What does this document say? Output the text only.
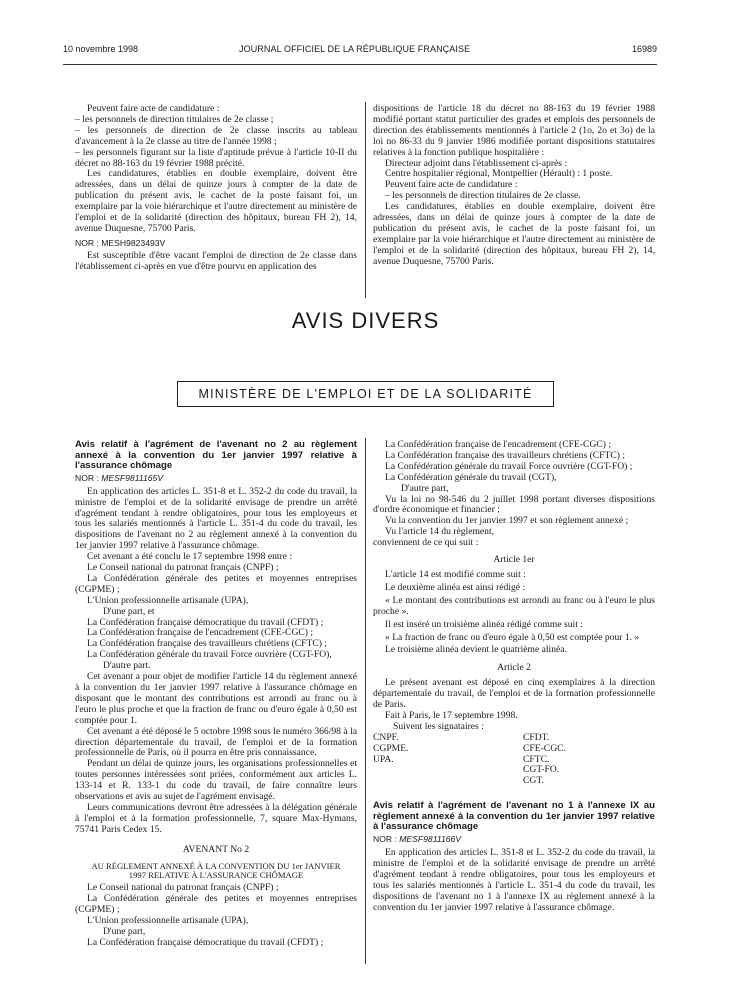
10 novembre 1998	JOURNAL OFFICIEL DE LA RÉPUBLIQUE FRANÇAISE	16989

Peuvent faire acte de candidature :

– les personnels de direction titulaires de 2e classe ;

– les personnels de direction de 2e classe inscrits au tableau d'avancement à la 2e classe au titre de l'année 1998 ;

– les personnels figurant sur la liste d'aptitude prévue à l'article 10-II du décret no 88-163 du 19 février 1988 précité.

Les candidatures, établies en double exemplaire, doivent être adressées, dans un délai de quinze jours à compter de la date de publication du présent avis, le cachet de la poste faisant foi, un exemplaire par la voie hiérarchique et l'autre directement au ministère de l'emploi et de la solidarité (direction des hôpitaux, bureau FH 2), 14, avenue Duquesne, 75700 Paris.

NOR : MESH9823493V

Est susceptible d'être vacant l'emploi de direction de 2e classe dans l'établissement ci-après en vue d'être pourvu en application des

dispositions de l'article 18 du décret no 88-163 du 19 février 1988 modifié portant statut particulier des grades et emplois des personnels de direction des établissements mentionnés à l'article 2 (1o, 2o et 3o) de la loi no 86-33 du 9 janvier 1986 modifiée portant dispositions statutaires relatives à la fonction publique hospitalière :

Directeur adjoint dans l'établissement ci-après :

Centre hospitalier régional, Montpellier (Hérault) : 1 poste.

Peuvent faire acte de candidature :

– les personnels de direction titulaires de 2e classe.

Les candidatures, établies en double exemplaire, doivent être adressées, dans un délai de quinze jours à compter de la date de publication du présent avis, le cachet de la poste faisant foi, un exemplaire par la voie hiérarchique et l'autre directement au ministère de l'emploi et de la solidarité (direction des hôpitaux, bureau FH 2), 14, avenue Duquesne, 75700 Paris.

AVIS DIVERS
MINISTÈRE DE L'EMPLOI ET DE LA SOLIDARITÉ

Avis relatif à l'agrément de l'avenant no 2 au règlement annexé à la convention du 1er janvier 1997 relative à l'assurance chômage

NOR : MESF9811165V

En application des articles L. 351-8 et L. 352-2 du code du travail, la ministre de l'emploi et de la solidarité envisage de prendre un arrêté d'agrément tendant à rendre obligatoires, pour tous les employeurs et tous les salariés mentionnés à l'article L. 351-4 du code du travail, les dispositions de l'avenant no 2 au règlement annexé à la convention du 1er janvier 1997 relative à l'assurance chômage.

Cet avenant a été conclu le 17 septembre 1998 entre :

Le Conseil national du patronat français (CNPF) ;

La Confédération générale des petites et moyennes entreprises (CGPME) ;

L'Union professionnelle artisanale (UPA),

D'une part, et

La Confédération française démocratique du travail (CFDT) ;

La Confédération française de l'encadrement (CFE-CGC) ;

La Confédération française des travailleurs chrétiens (CFTC) ;

La Confédération générale du travail Force ouvrière (CGT-FO),

D'autre part.

Cet avenant a pour objet de modifier l'article 14 du règlement annexé à la convention du 1er janvier 1997 relative à l'assurance chômage en disposant que le montant des contributions est arrondi au franc ou à l'euro le plus proche et que la fraction de franc ou d'euro égale à 0,50 est comptée pour 1.

Cet avenant a été déposé le 5 octobre 1998 sous le numéro 366/98 à la direction départementale du travail, de l'emploi et de la formation professionnelle de Paris, où il pourra en être pris connaissance.

Pendant un délai de quinze jours, les organisations professionnelles et toutes personnes intéressées sont priées, conformément aux articles L. 133-14 et R. 133-1 du code du travail, de faire connaître leurs observations et avis au sujet de l'agrément envisagé.

Leurs communications devront être adressées à la délégation générale à l'emploi et à la formation professionnelle, 7, square Max-Hymans, 75741 Paris Cedex 15.

AVENANT No 2

AU RÈGLEMENT ANNEXÉ À LA CONVENTION DU 1er JANVIER 1997 RELATIVE À L'ASSURANCE CHÔMAGE

Le Conseil national du patronat français (CNPF) ;

La Confédération générale des petites et moyennes entreprises (CGPME) ;

L'Union professionnelle artisanale (UPA),

D'une part,

La Confédération française démocratique du travail (CFDT) ;

La Confédération française de l'encadrement (CFE-CGC) ;

La Confédération française des travailleurs chrétiens (CFTC) ;

La Confédération générale du travail Force ouvrière (CGT-FO) ;

La Confédération générale du travail (CGT),

D'autre part,

Vu la loi no 98-546 du 2 juillet 1998 portant diverses dispositions d'ordre économique et financier ;

Vu la convention du 1er janvier 1997 et son règlement annexé ;

Vu l'article 14 du règlement,

conviennent de ce qui suit :

Article 1er

L'article 14 est modifié comme suit :

Le deuxième alinéa est ainsi rédigé :

« Le montant des contributions est arrondi au franc ou à l'euro le plus proche ».

Il est inséré un troisième alinéa rédigé comme suit :

« La fraction de franc ou d'euro égale à 0,50 est comptée pour 1. »

Le troisième alinéa devient le quatrième alinéa.

Article 2

Le présent avenant est déposé en cinq exemplaires à la direction départementale du travail, de l'emploi et de la formation professionnelle de Paris.

Fait à Paris, le 17 septembre 1998.

Suivent les signataires :

CNPF.
CGPME.
UPA.
CFDT.
CFE-CGC.
CFTC.
CGT-FO.
CGT.

Avis relatif à l'agrément de l'avenant no 1 à l'annexe IX au règlement annexé à la convention du 1er janvier 1997 relative à l'assurance chômage

NOR : MESF9811166V

En application des articles L. 351-8 et L. 352-2 du code du travail, la ministre de l'emploi et de la solidarité envisage de prendre un arrêté d'agrément tendant à rendre obligatoires, pour tous les employeurs et tous les salariés mentionnés à l'article L. 351-4 du code du travail, les dispositions de l'avenant no 1 à l'annexe IX au règlement annexé à la convention du 1er janvier 1997 relative à l'assurance chômage.
